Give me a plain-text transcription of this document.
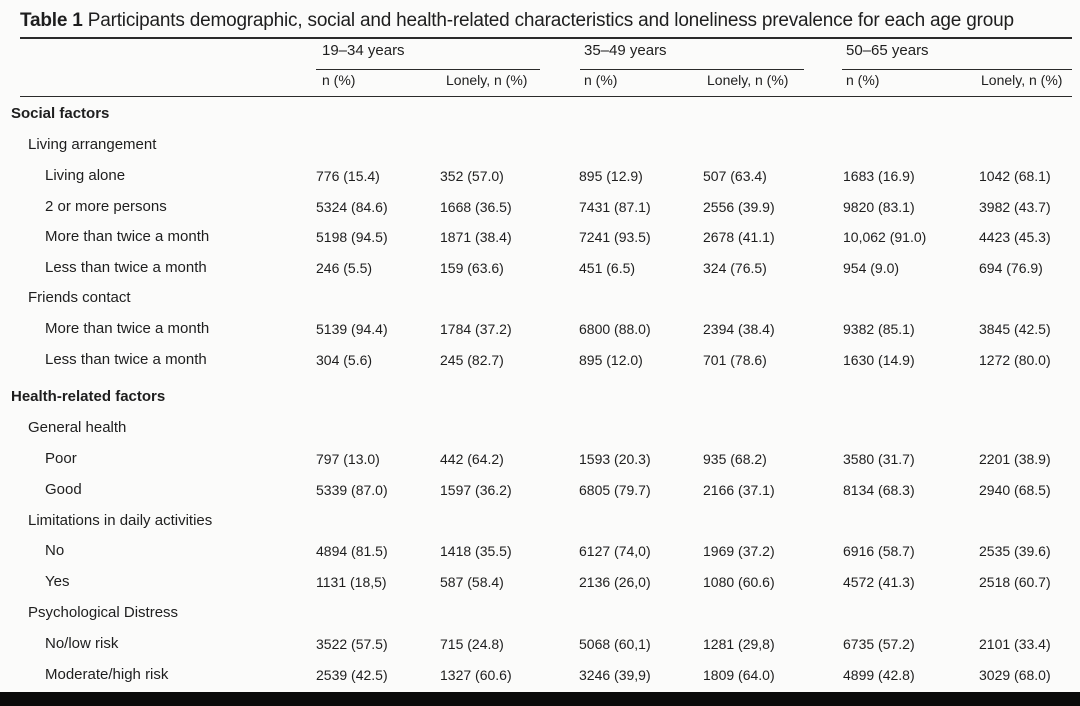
Table 1 Participants demographic, social and health-related characteristics and loneliness prevalence for each age group
19–34 years	35–49 years	50–65 years
n (%)	Lonely, n (%)	n (%)	Lonely, n (%)	n (%)	Lonely, n (%)
Social factors
Living arrangement
Living alone	776 (15.4)	352 (57.0)	895 (12.9)	507 (63.4)	1683 (16.9)	1042 (68.1)
2 or more persons	5324 (84.6)	1668 (36.5)	7431 (87.1)	2556 (39.9)	9820 (83.1)	3982 (43.7)
More than twice a month	5198 (94.5)	1871 (38.4)	7241 (93.5)	2678 (41.1)	10,062 (91.0)	4423 (45.3)
Less than twice a month	246 (5.5)	159 (63.6)	451 (6.5)	324 (76.5)	954 (9.0)	694 (76.9)
Friends contact
More than twice a month	5139 (94.4)	1784 (37.2)	6800 (88.0)	2394 (38.4)	9382 (85.1)	3845 (42.5)
Less than twice a month	304 (5.6)	245 (82.7)	895 (12.0)	701 (78.6)	1630 (14.9)	1272 (80.0)
Health-related factors
General health
Poor	797 (13.0)	442 (64.2)	1593 (20.3)	935 (68.2)	3580 (31.7)	2201 (38.9)
Good	5339 (87.0)	1597 (36.2)	6805 (79.7)	2166 (37.1)	8134 (68.3)	2940 (68.5)
Limitations in daily activities
No	4894 (81.5)	1418 (35.5)	6127 (74,0)	1969 (37.2)	6916 (58.7)	2535 (39.6)
Yes	1131 (18,5)	587 (58.4)	2136 (26,0)	1080 (60.6)	4572 (41.3)	2518 (60.7)
Psychological Distress
No/low risk	3522 (57.5)	715 (24.8)	5068 (60,1)	1281 (29,8)	6735 (57.2)	2101 (33.4)
Moderate/high risk	2539 (42.5)	1327 (60.6)	3246 (39,9)	1809 (64.0)	4899 (42.8)	3029 (68.0)
